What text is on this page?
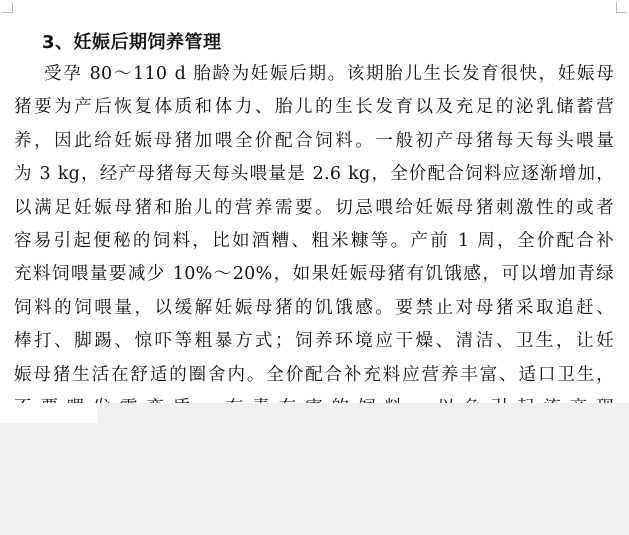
3、妊娠后期饲养管理
受孕 80～110 d 胎龄为妊娠后期。该期胎儿生长发育很快，妊娠母
猪要为产后恢复体质和体力、胎儿的生长发育以及充足的泌乳储蓄营
养，因此给妊娠母猪加喂全价配合饲料。一般初产母猪每天每头喂量
为 3 kg，经产母猪每天每头喂量是 2.6 kg，全价配合饲料应逐渐增加，
以满足妊娠母猪和胎儿的营养需要。切忌喂给妊娠母猪刺激性的或者
容易引起便秘的饲料，比如酒糟、粗米糠等。产前 1 周，全价配合补
充料饲喂量要减少 10%～20%，如果妊娠母猪有饥饿感，可以增加青绿
饲料的饲喂量，以缓解妊娠母猪的饥饿感。要禁止对母猪采取追赶、
棒打、脚踢、惊吓等粗暴方式；饲养环境应干燥、清洁、卫生，让妊
娠母猪生活在舒适的圈舍内。全价配合补充料应营养丰富、适口卫生，
